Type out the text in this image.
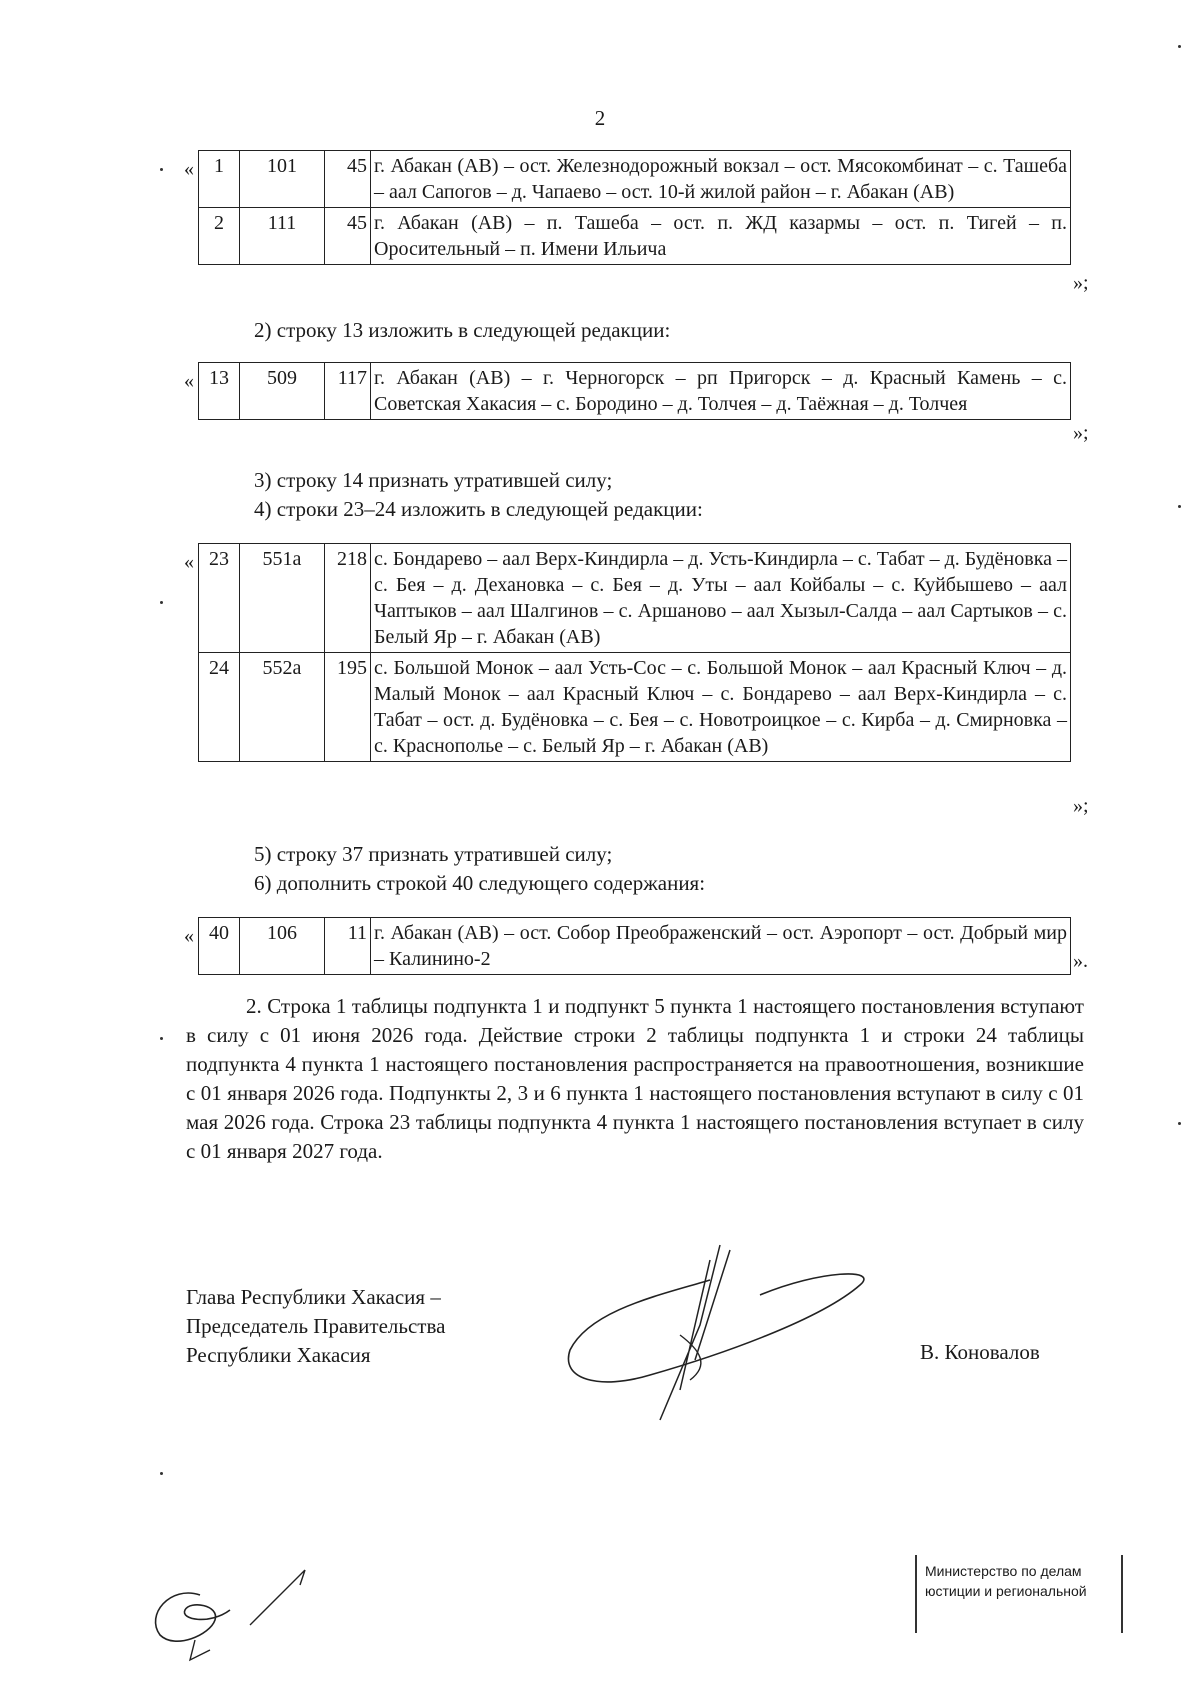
2
« 1	101	45	г. Абакан (АВ) – ост. Железнодорожный вокзал – ост. Мясокомбинат – с. Ташеба – аал Сапогов – д. Чапаево – ост. 10-й жилой район – г. Абакан (АВ)
2	111	45	г. Абакан (АВ) – п. Ташеба – ост. п. ЖД казармы – ост. п. Тигей – п. Оросительный – п. Имени Ильича
»;
2) строку 13 изложить в следующей редакции:
« 13	509	117	г. Абакан (АВ) – г. Черногорск – рп Пригорск – д. Красный Камень – с. Советская Хакасия – с. Бородино – д. Толчея – д. Таёжная – д. Толчея
»;
3) строку 14 признать утратившей силу;
4) строки 23–24 изложить в следующей редакции:
« 23	551а	218	с. Бондарево – аал Верх-Киндирла – д. Усть-Киндирла – с. Табат – д. Будёновка – с. Бея – д. Дехановка – с. Бея – д. Уты – аал Койбалы – с. Куйбышево – аал Чаптыков – аал Шалгинов – с. Аршаново – аал Хызыл-Салда – аал Сартыков – с. Белый Яр – г. Абакан (АВ)
24	552а	195	с. Большой Монок – аал Усть-Сос – с. Большой Монок – аал Красный Ключ – д. Малый Монок – аал Красный Ключ – с. Бондарево – аал Верх-Киндирла – с. Табат – ост. д. Будёновка – с. Бея – с. Новотроицкое – с. Кирба – д. Смирновка – с. Краснополье – с. Белый Яр – г. Абакан (АВ)
»;
5) строку 37 признать утратившей силу;
6) дополнить строкой 40 следующего содержания:
« 40	106	11	г. Абакан (АВ) – ост. Собор Преображенский – ост. Аэропорт – ост. Добрый мир – Калинино-2	».
2. Строка 1 таблицы подпункта 1 и подпункт 5 пункта 1 настоящего постановления вступают в силу с 01 июня 2026 года. Действие строки 2 таблицы подпункта 1 и строки 24 таблицы подпункта 4 пункта 1 настоящего постановления распространяется на правоотношения, возникшие с 01 января 2026 года. Подпункты 2, 3 и 6 пункта 1 настоящего постановления вступают в силу с 01 мая 2026 года. Строка 23 таблицы подпункта 4 пункта 1 настоящего постановления вступает в силу с 01 января 2027 года.
Глава Республики Хакасия –
Председатель Правительства
Республики Хакасия	В. Коновалов
Министерство по делам
юстиции и региональной
